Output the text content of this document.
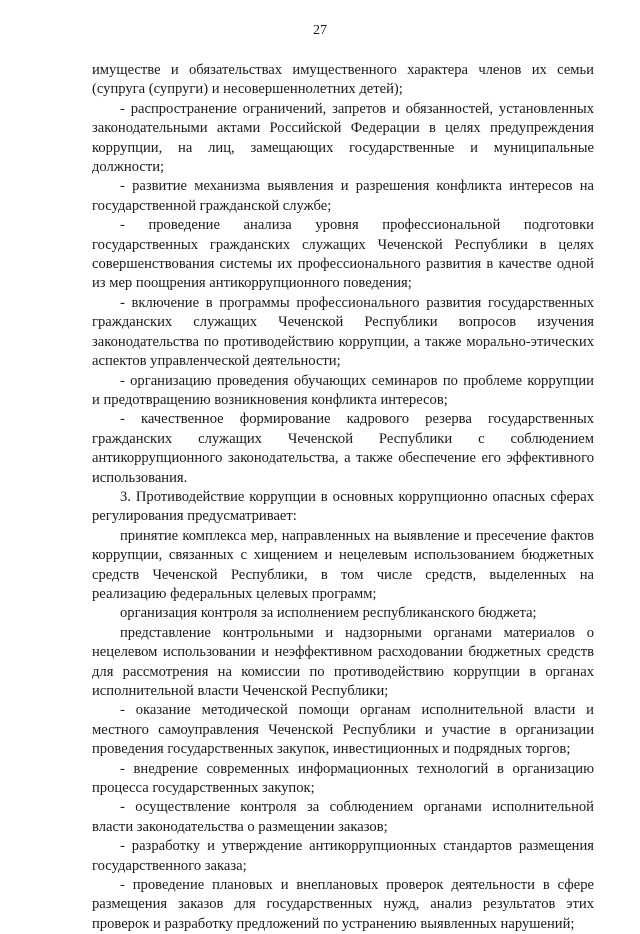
27

имуществе и обязательствах имущественного характера членов их семьи (супруга (супруги) и несовершеннолетних детей);

- распространение ограничений, запретов и обязанностей, установленных законодательными актами Российской Федерации в целях предупреждения коррупции, на лиц, замещающих государственные и муниципальные должности;

- развитие механизма выявления и разрешения конфликта интересов на государственной гражданской службе;

- проведение анализа уровня профессиональной подготовки государственных гражданских служащих Чеченской Республики в целях совершенствования системы их профессионального развития в качестве одной из мер поощрения антикоррупционного поведения;

- включение в программы профессионального развития государственных гражданских служащих Чеченской Республики вопросов изучения законодательства по противодействию коррупции, а также морально-этических аспектов управленческой деятельности;

- организацию проведения обучающих семинаров по проблеме коррупции и предотвращению возникновения конфликта интересов;

- качественное формирование кадрового резерва государственных гражданских служащих Чеченской Республики с соблюдением антикоррупционного законодательства, а также обеспечение его эффективного использования.

3. Противодействие коррупции в основных коррупционно опасных сферах регулирования предусматривает:

принятие комплекса мер, направленных на выявление и пресечение фактов коррупции, связанных с хищением и нецелевым использованием бюджетных средств Чеченской Республики, в том числе средств, выделенных на реализацию федеральных целевых программ;

организация контроля за исполнением республиканского бюджета;

представление контрольными и надзорными органами материалов о нецелевом использовании и неэффективном расходовании бюджетных средств для рассмотрения на комиссии по противодействию коррупции в органах исполнительной власти Чеченской Республики;

- оказание методической помощи органам исполнительной власти и местного самоуправления Чеченской Республики и участие в организации проведения государственных закупок, инвестиционных и подрядных торгов;

- внедрение современных информационных технологий в организацию процесса государственных закупок;

- осуществление контроля за соблюдением органами исполнительной власти законодательства о размещении заказов;

- разработку и утверждение антикоррупционных стандартов размещения государственного заказа;

- проведение плановых и внеплановых проверок деятельности в сфере размещения заказов для государственных нужд, анализ результатов этих проверок и разработку предложений по устранению выявленных нарушений;
